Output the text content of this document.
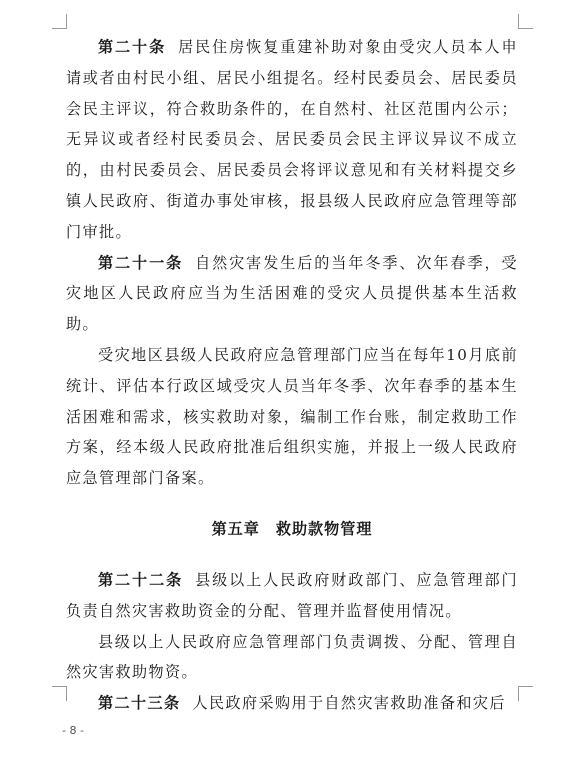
第二十条 居民住房恢复重建补助对象由受灾人员本人申请或者由村民小组、居民小组提名。经村民委员会、居民委员会民主评议，符合救助条件的，在自然村、社区范围内公示；无异议或者经村民委员会、居民委员会民主评议异议不成立的，由村民委员会、居民委员会将评议意见和有关材料提交乡镇人民政府、街道办事处审核，报县级人民政府应急管理等部门审批。

第二十一条 自然灾害发生后的当年冬季、次年春季，受灾地区人民政府应当为生活困难的受灾人员提供基本生活救助。

受灾地区县级人民政府应急管理部门应当在每年10月底前统计、评估本行政区域受灾人员当年冬季、次年春季的基本生活困难和需求，核实救助对象，编制工作台账，制定救助工作方案，经本级人民政府批准后组织实施，并报上一级人民政府应急管理部门备案。

第五章 救助款物管理

第二十二条 县级以上人民政府财政部门、应急管理部门负责自然灾害救助资金的分配、管理并监督使用情况。

县级以上人民政府应急管理部门负责调拨、分配、管理自然灾害救助物资。

第二十三条 人民政府采购用于自然灾害救助准备和灾后

- 8 -
